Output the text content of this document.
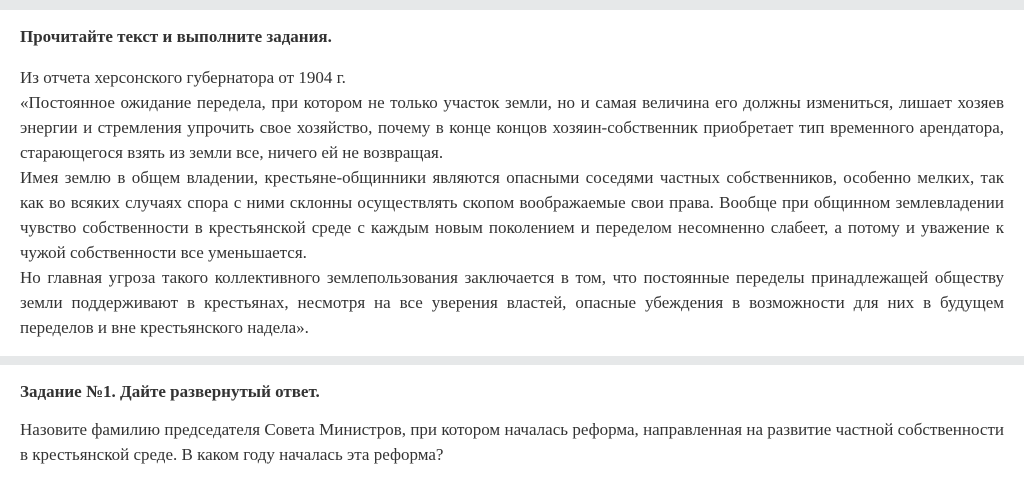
Прочитайте текст и выполните задания.

Из отчета херсонского губернатора от 1904 г.

«Постоянное ожидание передела, при котором не только участок земли, но и самая величина его должны измениться, лишает хозяев энергии и стремления упрочить свое хозяйство, почему в конце концов хозяин-собственник приобретает тип временного арендатора, старающегося взять из земли все, ничего ей не возвращая.

Имея землю в общем владении, крестьяне-общинники являются опасными соседями частных собственников, особенно мелких, так как во всяких случаях спора с ними склонны осуществлять скопом воображаемые свои права. Вообще при общинном землевладении чувство собственности в крестьянской среде с каждым новым поколением и переделом несомненно слабеет, а потому и уважение к чужой собственности все уменьшается.

Но главная угроза такого коллективного землепользования заключается в том, что постоянные переделы принадлежащей обществу земли поддерживают в крестьянах, несмотря на все уверения властей, опасные убеждения в возможности для них в будущем переделов и вне крестьянского надела».

Задание №1. Дайте развернутый ответ.

Назовите фамилию председателя Совета Министров, при котором началась реформа, направленная на развитие частной собственности в крестьянской среде. В каком году началась эта реформа?
